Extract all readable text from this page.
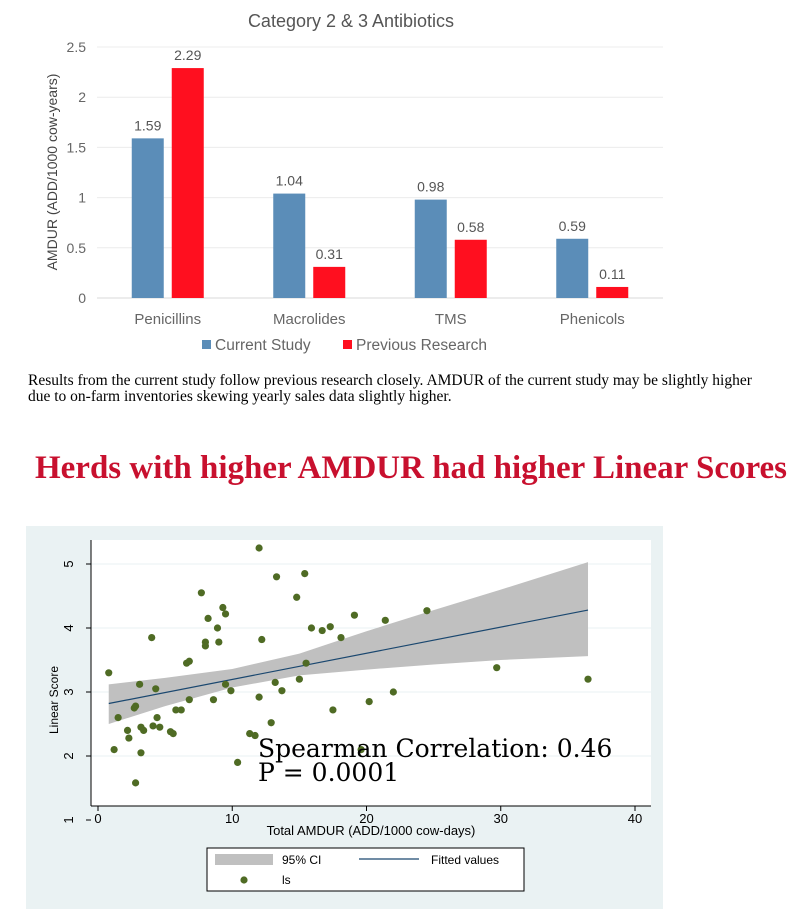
Category 2 & 3 Antibiotics
0
0.5
1
1.5
2
2.5
AMDUR (ADD/1000 cow-years)	1.59
2.29
1.04
0.31
0.98
0.58	0.59
0.11
Penicillins	Macrolides	TMS	Phenicols
Current Study	Previous Research

Results from the current study follow previous research closely. AMDUR of the current study may be slightly higher due to on-farm inventories skewing yearly sales data slightly higher.

Herds with higher AMDUR had higher Linear Scores
0	10	20	30	40
1
2
3
4
5
Total AMDUR (ADD/1000 cow-days)
Linear Score
95% CI	Fitted values
ls
Spearman Correlation: 0.46
P = 0.0001
